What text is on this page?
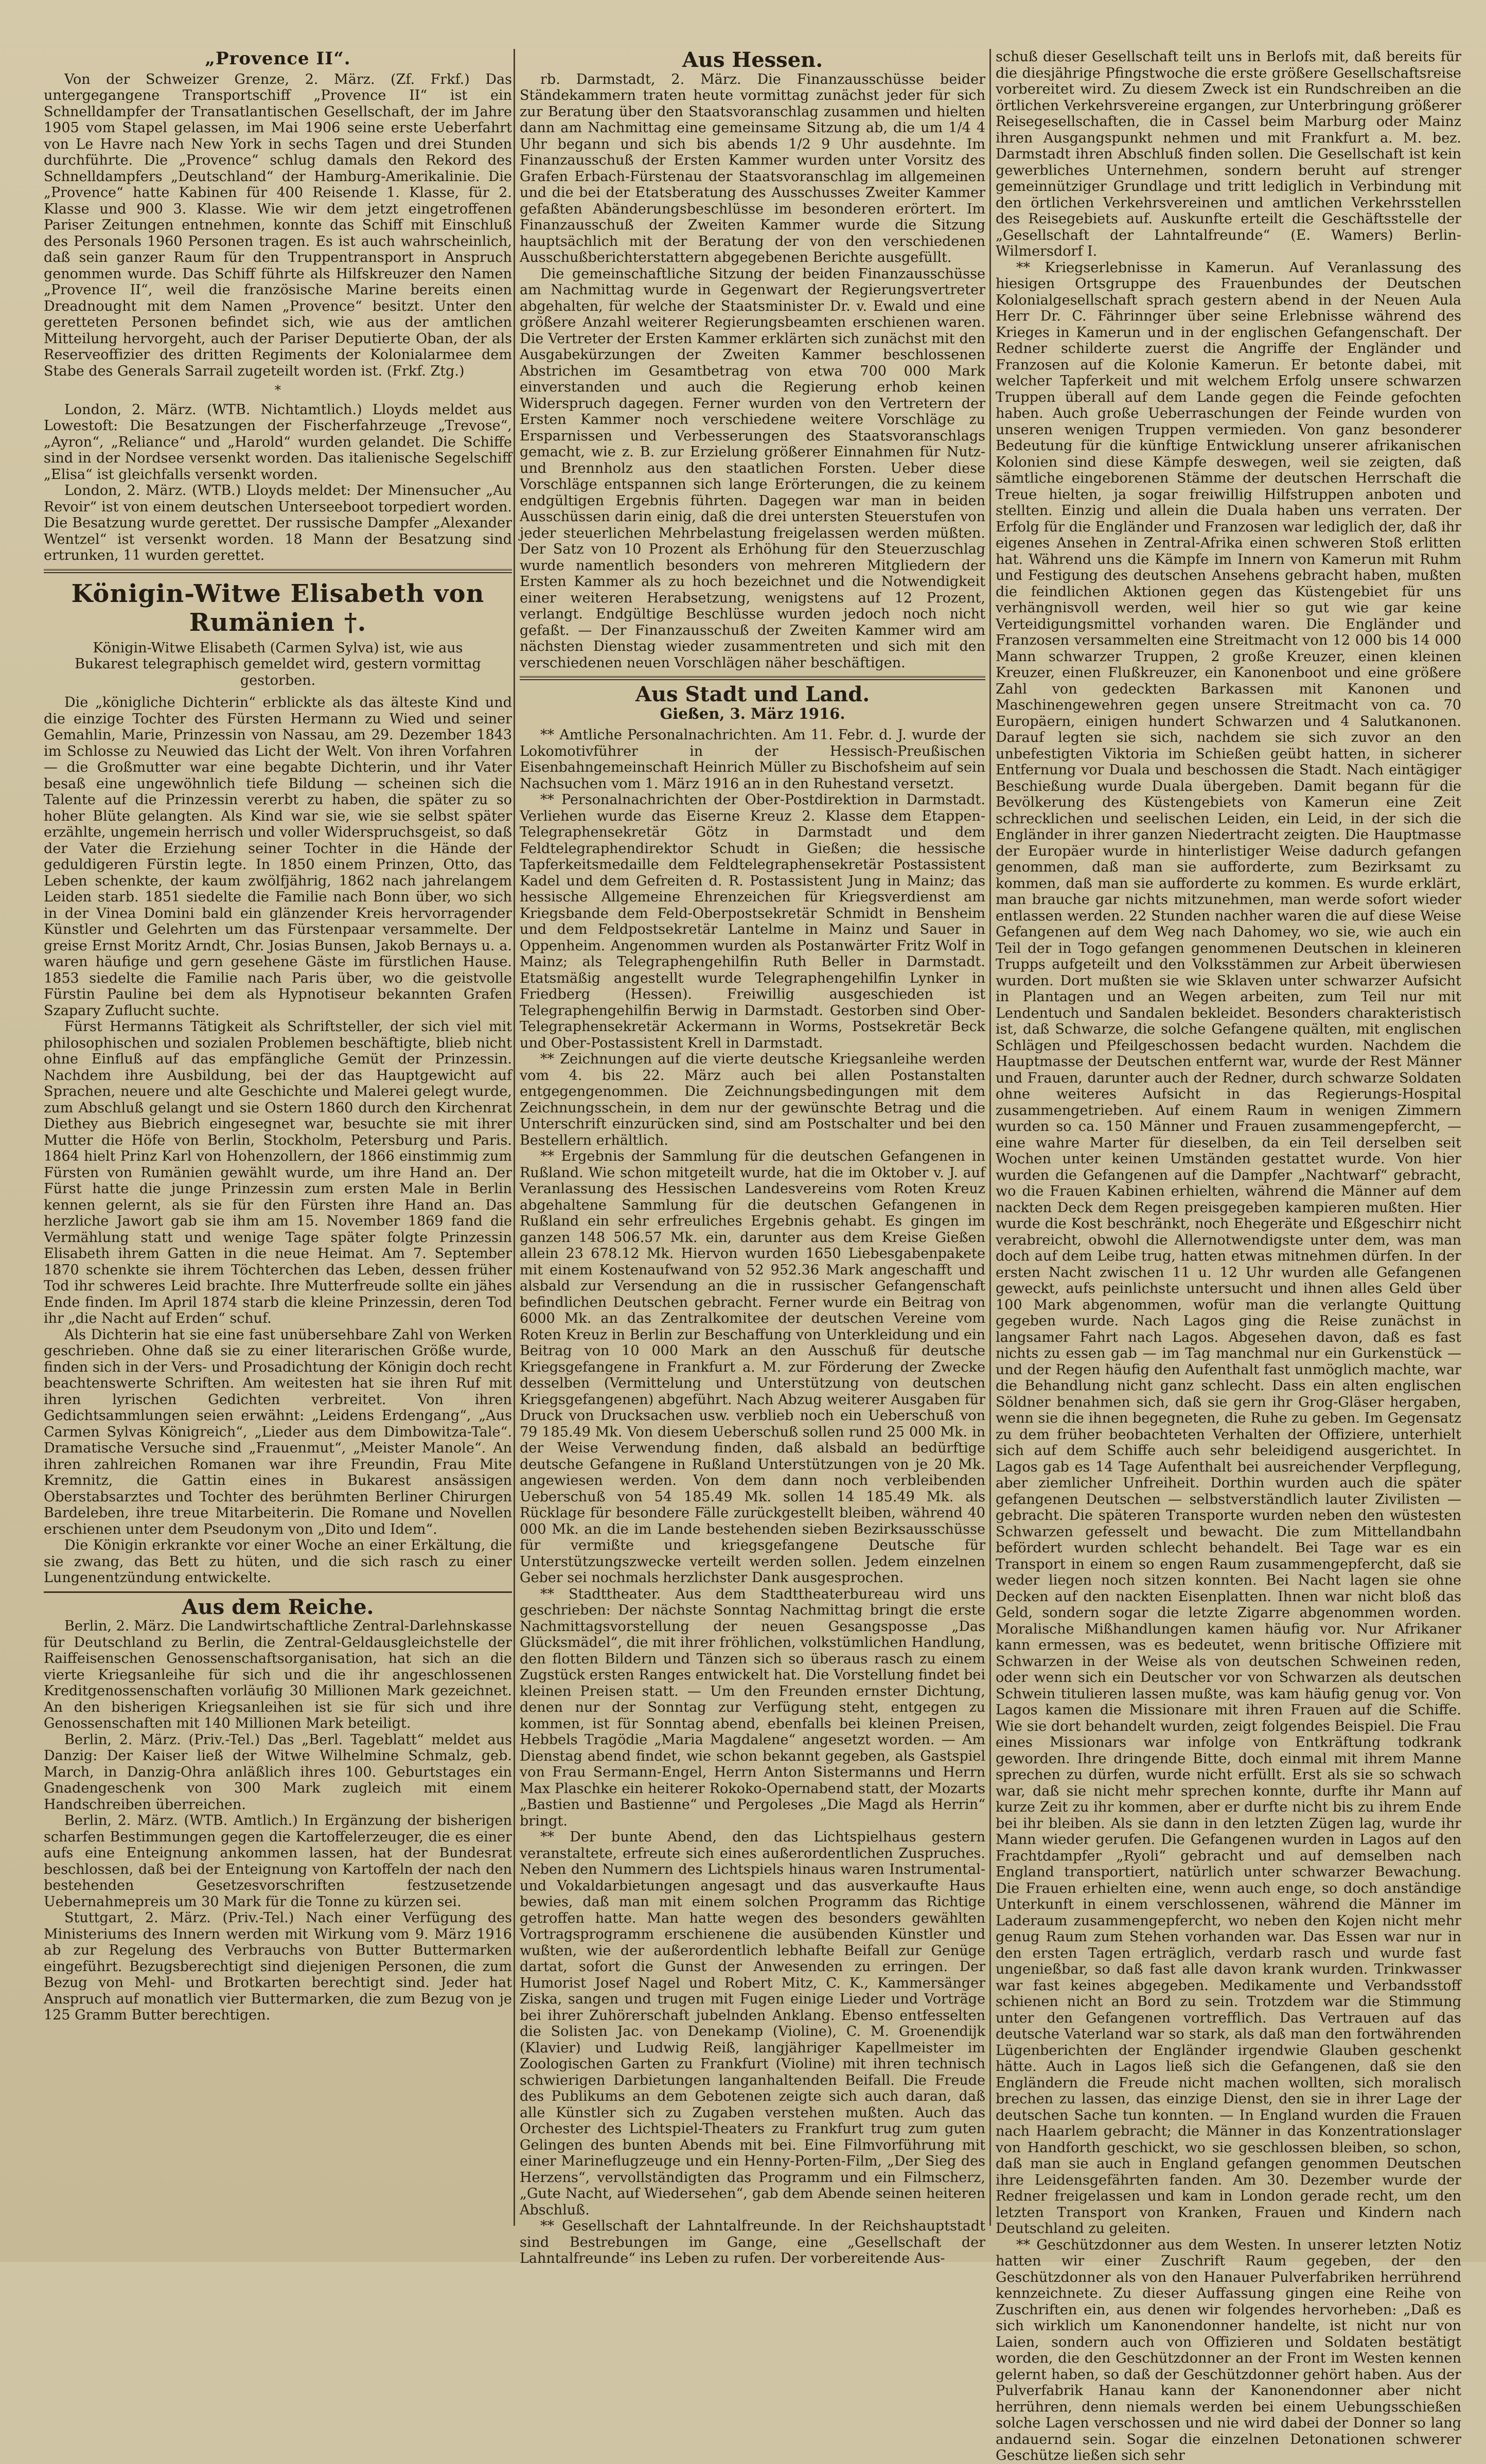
„Provence II“.

Von der Schweizer Grenze, 2. März. (Zf. Frkf.) Das untergegangene Transportschiff „Provence II“ ist ein Schnelldampfer der Transatlantischen Gesellschaft, der im Jahre 1905 vom Stapel gelassen, im Mai 1906 seine erste Ueberfahrt von Le Havre nach New York in sechs Tagen und drei Stunden durchführte. Die „Provence“ schlug damals den Rekord des Schnelldampfers „Deutschland“ der Hamburg-Amerikalinie. Die „Provence“ hatte Kabinen für 400 Reisende 1. Klasse, für 2. Klasse und 900 3. Klasse. Wie wir dem jetzt eingetroffenen Pariser Zeitungen entnehmen, konnte das Schiff mit Einschluß des Personals 1960 Personen tragen. Es ist auch wahrscheinlich, daß sein ganzer Raum für den Truppentransport in Anspruch genommen wurde. Das Schiff führte als Hilfskreuzer den Namen „Provence II“, weil die französische Marine bereits einen Dreadnought mit dem Namen „Provence“ besitzt. Unter den geretteten Personen befindet sich, wie aus der amtlichen Mitteilung hervorgeht, auch der Pariser Deputierte Oban, der als Reserveoffizier des dritten Regiments der Kolonialarmee dem Stabe des Generals Sarrail zugeteilt worden ist. (Frkf. Ztg.)

*

London, 2. März. (WTB. Nichtamtlich.) Lloyds meldet aus Lowestoft: Die Besatzungen der Fischerfahrzeuge „Trevose“, „Ayron“, „Reliance“ und „Harold“ wurden gelandet. Die Schiffe sind in der Nordsee versenkt worden. Das italienische Segelschiff „Elisa“ ist gleichfalls versenkt worden.

London, 2. März. (WTB.) Lloyds meldet: Der Minensucher „Au Revoir“ ist von einem deutschen Unterseeboot torpediert worden. Die Besatzung wurde gerettet. Der russische Dampfer „Alexander Wentzel“ ist versenkt worden. 18 Mann der Besatzung sind ertrunken, 11 wurden gerettet.

Königin-Witwe Elisabeth von Rumänien †.
Königin-Witwe Elisabeth (Carmen Sylva) ist, wie aus Bukarest telegraphisch gemeldet wird, gestern vormittag gestorben.

Die „königliche Dichterin“ erblickte als das älteste Kind und die einzige Tochter des Fürsten Hermann zu Wied und seiner Gemahlin, Marie, Prinzessin von Nassau, am 29. Dezember 1843 im Schlosse zu Neuwied das Licht der Welt. Von ihren Vorfahren — die Großmutter war eine begabte Dichterin, und ihr Vater besaß eine ungewöhnlich tiefe Bildung — scheinen sich die Talente auf die Prinzessin vererbt zu haben, die später zu so hoher Blüte gelangten. Als Kind war sie, wie sie selbst später erzählte, ungemein herrisch und voller Widerspruchsgeist, so daß der Vater die Erziehung seiner Tochter in die Hände der geduldigeren Fürstin legte. In 1850 einem Prinzen, Otto, das Leben schenkte, der kaum zwölfjährig, 1862 nach jahrelangem Leiden starb. 1851 siedelte die Familie nach Bonn über, wo sich in der Vinea Domini bald ein glänzender Kreis hervorragender Künstler und Gelehrten um das Fürstenpaar versammelte. Der greise Ernst Moritz Arndt, Chr. Josias Bunsen, Jakob Bernays u. a. waren häufige und gern gesehene Gäste im fürstlichen Hause. 1853 siedelte die Familie nach Paris über, wo die geistvolle Fürstin Pauline bei dem als Hypnotiseur bekannten Grafen Szapary Zuflucht suchte.

Fürst Hermanns Tätigkeit als Schriftsteller, der sich viel mit philosophischen und sozialen Problemen beschäftigte, blieb nicht ohne Einfluß auf das empfängliche Gemüt der Prinzessin. Nachdem ihre Ausbildung, bei der das Hauptgewicht auf Sprachen, neuere und alte Geschichte und Malerei gelegt wurde, zum Abschluß gelangt und sie Ostern 1860 durch den Kirchenrat Diethey aus Biebrich eingesegnet war, besuchte sie mit ihrer Mutter die Höfe von Berlin, Stockholm, Petersburg und Paris. 1864 hielt Prinz Karl von Hohenzollern, der 1866 einstimmig zum Fürsten von Rumänien gewählt wurde, um ihre Hand an. Der Fürst hatte die junge Prinzessin zum ersten Male in Berlin kennen gelernt, als sie für den Fürsten ihre Hand an. Das herzliche Jawort gab sie ihm am 15. November 1869 fand die Vermählung statt und wenige Tage später folgte Prinzessin Elisabeth ihrem Gatten in die neue Heimat. Am 7. September 1870 schenkte sie ihrem Töchterchen das Leben, dessen früher Tod ihr schweres Leid brachte. Ihre Mutterfreude sollte ein jähes Ende finden. Im April 1874 starb die kleine Prinzessin, deren Tod ihr „die Nacht auf Erden“ schuf.

Als Dichterin hat sie eine fast unübersehbare Zahl von Werken geschrieben. Ohne daß sie zu einer literarischen Größe wurde, finden sich in der Vers- und Prosadichtung der Königin doch recht beachtenswerte Schriften. Am weitesten hat sie ihren Ruf mit ihren lyrischen Gedichten verbreitet. Von ihren Gedichtsammlungen seien erwähnt: „Leidens Erdengang“, „Aus Carmen Sylvas Königreich“, „Lieder aus dem Dimbowitza-Tale“. Dramatische Versuche sind „Frauenmut“, „Meister Manole“. An ihren zahlreichen Romanen war ihre Freundin, Frau Mite Kremnitz, die Gattin eines in Bukarest ansässigen Oberstabsarztes und Tochter des berühmten Berliner Chirurgen Bardeleben, ihre treue Mitarbeiterin. Die Romane und Novellen erschienen unter dem Pseudonym von „Dito und Idem“.

Die Königin erkrankte vor einer Woche an einer Erkältung, die sie zwang, das Bett zu hüten, und die sich rasch zu einer Lungenentzündung entwickelte.

Aus dem Reiche.

Berlin, 2. März. Die Landwirtschaftliche Zentral-Darlehnskasse für Deutschland zu Berlin, die Zentral-Geldausgleichstelle der Raiffeisenschen Genossenschaftsorganisation, hat sich an die vierte Kriegsanleihe für sich und die ihr angeschlossenen Kreditgenossenschaften vorläufig 30 Millionen Mark gezeichnet. An den bisherigen Kriegsanleihen ist sie für sich und ihre Genossenschaften mit 140 Millionen Mark beteiligt.

Berlin, 2. März. (Priv.-Tel.) Das „Berl. Tageblatt“ meldet aus Danzig: Der Kaiser ließ der Witwe Wilhelmine Schmalz, geb. March, in Danzig-Ohra anläßlich ihres 100. Geburtstages ein Gnadengeschenk von 300 Mark zugleich mit einem Handschreiben überreichen.

Berlin, 2. März. (WTB. Amtlich.) In Ergänzung der bisherigen scharfen Bestimmungen gegen die Kartoffelerzeuger, die es einer aufs eine Enteignung ankommen lassen, hat der Bundesrat beschlossen, daß bei der Enteignung von Kartoffeln der nach den bestehenden Gesetzesvorschriften festzusetzende Uebernahmepreis um 30 Mark für die Tonne zu kürzen sei.

Stuttgart, 2. März. (Priv.-Tel.) Nach einer Verfügung des Ministeriums des Innern werden mit Wirkung vom 9. März 1916 ab zur Regelung des Verbrauchs von Butter Buttermarken eingeführt. Bezugsberechtigt sind diejenigen Personen, die zum Bezug von Mehl- und Brotkarten berechtigt sind. Jeder hat Anspruch auf monatlich vier Buttermarken, die zum Bezug von je 125 Gramm Butter berechtigen.

Aus Hessen.

rb. Darmstadt, 2. März. Die Finanzausschüsse beider Ständekammern traten heute vormittag zunächst jeder für sich zur Beratung über den Staatsvoranschlag zusammen und hielten dann am Nachmittag eine gemeinsame Sitzung ab, die um 1/4 4 Uhr begann und sich bis abends 1/2 9 Uhr ausdehnte. Im Finanzausschuß der Ersten Kammer wurden unter Vorsitz des Grafen Erbach-Fürstenau der Staatsvoranschlag im allgemeinen und die bei der Etatsberatung des Ausschusses Zweiter Kammer gefaßten Abänderungsbeschlüsse im besonderen erörtert. Im Finanzausschuß der Zweiten Kammer wurde die Sitzung hauptsächlich mit der Beratung der von den verschiedenen Ausschußberichterstattern abgegebenen Berichte ausgefüllt.

Die gemeinschaftliche Sitzung der beiden Finanzausschüsse am Nachmittag wurde in Gegenwart der Regierungsvertreter abgehalten, für welche der Staatsminister Dr. v. Ewald und eine größere Anzahl weiterer Regierungsbeamten erschienen waren. Die Vertreter der Ersten Kammer erklärten sich zunächst mit den Ausgabekürzungen der Zweiten Kammer beschlossenen Abstrichen im Gesamtbetrag von etwa 700 000 Mark einverstanden und auch die Regierung erhob keinen Widerspruch dagegen. Ferner wurden von den Vertretern der Ersten Kammer noch verschiedene weitere Vorschläge zu Ersparnissen und Verbesserungen des Staatsvoranschlags gemacht, wie z. B. zur Erzielung größerer Einnahmen für Nutz- und Brennholz aus den staatlichen Forsten. Ueber diese Vorschläge entspannen sich lange Erörterungen, die zu keinem endgültigen Ergebnis führten. Dagegen war man in beiden Ausschüssen darin einig, daß die drei untersten Steuerstufen von jeder steuerlichen Mehrbelastung freigelassen werden müßten. Der Satz von 10 Prozent als Erhöhung für den Steuerzuschlag wurde namentlich besonders von mehreren Mitgliedern der Ersten Kammer als zu hoch bezeichnet und die Notwendigkeit einer weiteren Herabsetzung, wenigstens auf 12 Prozent, verlangt. Endgültige Beschlüsse wurden jedoch noch nicht gefaßt. — Der Finanzausschuß der Zweiten Kammer wird am nächsten Dienstag wieder zusammentreten und sich mit den verschiedenen neuen Vorschlägen näher beschäftigen.

Aus Stadt und Land.
Gießen, 3. März 1916.

** Amtliche Personalnachrichten. Am 11. Febr. d. J. wurde der Lokomotivführer in der Hessisch-Preußischen Eisenbahngemeinschaft Heinrich Müller zu Bischofsheim auf sein Nachsuchen vom 1. März 1916 an in den Ruhestand versetzt.

** Personalnachrichten der Ober-Postdirektion in Darmstadt. Verliehen wurde das Eiserne Kreuz 2. Klasse dem Etappen-Telegraphensekretär Götz in Darmstadt und dem Feldtelegraphendirektor Schudt in Gießen; die hessische Tapferkeitsmedaille dem Feldtelegraphensekretär Postassistent Kadel und dem Gefreiten d. R. Postassistent Jung in Mainz; das hessische Allgemeine Ehrenzeichen für Kriegsverdienst am Kriegsbande dem Feld-Oberpostsekretär Schmidt in Bensheim und dem Feldpostsekretär Lantelme in Mainz und Sauer in Oppenheim. Angenommen wurden als Postanwärter Fritz Wolf in Mainz; als Telegraphengehilfin Ruth Beller in Darmstadt. Etatsmäßig angestellt wurde Telegraphengehilfin Lynker in Friedberg (Hessen). Freiwillig ausgeschieden ist Telegraphengehilfin Berwig in Darmstadt. Gestorben sind Ober-Telegraphensekretär Ackermann in Worms, Postsekretär Beck und Ober-Postassistent Krell in Darmstadt.

** Zeichnungen auf die vierte deutsche Kriegsanleihe werden vom 4. bis 22. März auch bei allen Postanstalten entgegengenommen. Die Zeichnungsbedingungen mit dem Zeichnungsschein, in dem nur der gewünschte Betrag und die Unterschrift einzurücken sind, sind am Postschalter und bei den Bestellern erhältlich.

** Ergebnis der Sammlung für die deutschen Gefangenen in Rußland. Wie schon mitgeteilt wurde, hat die im Oktober v. J. auf Veranlassung des Hessischen Landesvereins vom Roten Kreuz abgehaltene Sammlung für die deutschen Gefangenen in Rußland ein sehr erfreuliches Ergebnis gehabt. Es gingen im ganzen 148 506.57 Mk. ein, darunter aus dem Kreise Gießen allein 23 678.12 Mk. Hiervon wurden 1650 Liebesgabenpakete mit einem Kostenaufwand von 52 952.36 Mark angeschafft und alsbald zur Versendung an die in russischer Gefangenschaft befindlichen Deutschen gebracht. Ferner wurde ein Beitrag von 6000 Mk. an das Zentralkomitee der deutschen Vereine vom Roten Kreuz in Berlin zur Beschaffung von Unterkleidung und ein Beitrag von 10 000 Mark an den Ausschuß für deutsche Kriegsgefangene in Frankfurt a. M. zur Förderung der Zwecke desselben (Vermittelung und Unterstützung von deutschen Kriegsgefangenen) abgeführt. Nach Abzug weiterer Ausgaben für Druck von Drucksachen usw. verblieb noch ein Ueberschuß von 79 185.49 Mk. Von diesem Ueberschuß sollen rund 25 000 Mk. in der Weise Verwendung finden, daß alsbald an bedürftige deutsche Gefangene in Rußland Unterstützungen von je 20 Mk. angewiesen werden. Von dem dann noch verbleibenden Ueberschuß von 54 185.49 Mk. sollen 14 185.49 Mk. als Rücklage für besondere Fälle zurückgestellt bleiben, während 40 000 Mk. an die im Lande bestehenden sieben Bezirksausschüsse für vermißte und kriegsgefangene Deutsche für Unterstützungszwecke verteilt werden sollen. Jedem einzelnen Geber sei nochmals herzlichster Dank ausgesprochen.

** Stadttheater. Aus dem Stadttheaterbureau wird uns geschrieben: Der nächste Sonntag Nachmittag bringt die erste Nachmittagsvorstellung der neuen Gesangsposse „Das Glücksmädel“, die mit ihrer fröhlichen, volkstümlichen Handlung, den flotten Bildern und Tänzen sich so überaus rasch zu einem Zugstück ersten Ranges entwickelt hat. Die Vorstellung findet bei kleinen Preisen statt. — Um den Freunden ernster Dichtung, denen nur der Sonntag zur Verfügung steht, entgegen zu kommen, ist für Sonntag abend, ebenfalls bei kleinen Preisen, Hebbels Tragödie „Maria Magdalene“ angesetzt worden. — Am Dienstag abend findet, wie schon bekannt gegeben, als Gastspiel von Frau Sermann-Engel, Herrn Anton Sistermanns und Herrn Max Plaschke ein heiterer Rokoko-Opernabend statt, der Mozarts „Bastien und Bastienne“ und Pergoleses „Die Magd als Herrin“ bringt.

** Der bunte Abend, den das Lichtspielhaus gestern veranstaltete, erfreute sich eines außerordentlichen Zuspruches. Neben den Nummern des Lichtspiels hinaus waren Instrumental- und Vokaldarbietungen angesagt und das ausverkaufte Haus bewies, daß man mit einem solchen Programm das Richtige getroffen hatte. Man hatte wegen des besonders gewählten Vortragsprogramm erschienene die ausübenden Künstler und wußten, wie der außerordentlich lebhafte Beifall zur Genüge dartat, sofort die Gunst der Anwesenden zu erringen. Der Humorist Josef Nagel und Robert Mitz, C. K., Kammersänger Ziska, sangen und trugen mit Fugen einige Lieder und Vorträge bei ihrer Zuhörerschaft jubelnden Anklang. Ebenso entfesselten die Solisten Jac. von Denekamp (Violine), C. M. Groenendijk (Klavier) und Ludwig Reiß, langjähriger Kapellmeister im Zoologischen Garten zu Frankfurt (Violine) mit ihren technisch schwierigen Darbietungen langanhaltenden Beifall. Die Freude des Publikums an dem Gebotenen zeigte sich auch daran, daß alle Künstler sich zu Zugaben verstehen mußten. Auch das Orchester des Lichtspiel-Theaters zu Frankfurt trug zum guten Gelingen des bunten Abends mit bei. Eine Filmvorführung mit einer Marineflugzeuge und ein Henny-Porten-Film, „Der Sieg des Herzens“, vervollständigten das Programm und ein Filmscherz, „Gute Nacht, auf Wiedersehen“, gab dem Abende seinen heiteren Abschluß.

** Gesellschaft der Lahntalfreunde. In der Reichshauptstadt sind Bestrebungen im Gange, eine „Gesellschaft der Lahntalfreunde“ ins Leben zu rufen. Der vorbereitende Aus-

schuß dieser Gesellschaft teilt uns in Berlofs mit, daß bereits für die diesjährige Pfingstwoche die erste größere Gesellschaftsreise vorbereitet wird. Zu diesem Zweck ist ein Rundschreiben an die örtlichen Verkehrsvereine ergangen, zur Unterbringung größerer Reisegesellschaften, die in Cassel beim Marburg oder Mainz ihren Ausgangspunkt nehmen und mit Frankfurt a. M. bez. Darmstadt ihren Abschluß finden sollen. Die Gesellschaft ist kein gewerbliches Unternehmen, sondern beruht auf strenger gemeinnütziger Grundlage und tritt lediglich in Verbindung mit den örtlichen Verkehrsvereinen und amtlichen Verkehrsstellen des Reisegebiets auf. Auskunfte erteilt die Geschäftsstelle der „Gesellschaft der Lahntalfreunde“ (E. Wamers) Berlin-Wilmersdorf I.

** Kriegserlebnisse in Kamerun. Auf Veranlassung des hiesigen Ortsgruppe des Frauenbundes der Deutschen Kolonialgesellschaft sprach gestern abend in der Neuen Aula Herr Dr. C. Fährinnger über seine Erlebnisse während des Krieges in Kamerun und in der englischen Gefangenschaft. Der Redner schilderte zuerst die Angriffe der Engländer und Franzosen auf die Kolonie Kamerun. Er betonte dabei, mit welcher Tapferkeit und mit welchem Erfolg unsere schwarzen Truppen überall auf dem Lande gegen die Feinde gefochten haben. Auch große Ueberraschungen der Feinde wurden von unseren wenigen Truppen vermieden. Von ganz besonderer Bedeutung für die künftige Entwicklung unserer afrikanischen Kolonien sind diese Kämpfe deswegen, weil sie zeigten, daß sämtliche eingeborenen Stämme der deutschen Herrschaft die Treue hielten, ja sogar freiwillig Hilfstruppen anboten und stellten. Einzig und allein die Duala haben uns verraten. Der Erfolg für die Engländer und Franzosen war lediglich der, daß ihr eigenes Ansehen in Zentral-Afrika einen schweren Stoß erlitten hat. Während uns die Kämpfe im Innern von Kamerun mit Ruhm und Festigung des deutschen Ansehens gebracht haben, mußten die feindlichen Aktionen gegen das Küstengebiet für uns verhängnisvoll werden, weil hier so gut wie gar keine Verteidigungsmittel vorhanden waren. Die Engländer und Franzosen versammelten eine Streitmacht von 12 000 bis 14 000 Mann schwarzer Truppen, 2 große Kreuzer, einen kleinen Kreuzer, einen Flußkreuzer, ein Kanonenboot und eine größere Zahl von gedeckten Barkassen mit Kanonen und Maschinengewehren gegen unsere Streitmacht von ca. 70 Europäern, einigen hundert Schwarzen und 4 Salutkanonen. Darauf legten sie sich, nachdem sie sich zuvor an den unbefestigten Viktoria im Schießen geübt hatten, in sicherer Entfernung vor Duala und beschossen die Stadt. Nach eintägiger Beschießung wurde Duala übergeben. Damit begann für die Bevölkerung des Küstengebiets von Kamerun eine Zeit schrecklichen und seelischen Leiden, ein Leid, in der sich die Engländer in ihrer ganzen Niedertracht zeigten. Die Hauptmasse der Europäer wurde in hinterlistiger Weise dadurch gefangen genommen, daß man sie aufforderte, zum Bezirksamt zu kommen, daß man sie aufforderte zu kommen. Es wurde erklärt, man brauche gar nichts mitzunehmen, man werde sofort wieder entlassen werden. 22 Stunden nachher waren die auf diese Weise Gefangenen auf dem Weg nach Dahomey, wo sie, wie auch ein Teil der in Togo gefangen genommenen Deutschen in kleineren Trupps aufgeteilt und den Volksstämmen zur Arbeit überwiesen wurden. Dort mußten sie wie Sklaven unter schwarzer Aufsicht in Plantagen und an Wegen arbeiten, zum Teil nur mit Lendentuch und Sandalen bekleidet. Besonders charakteristisch ist, daß Schwarze, die solche Gefangene quälten, mit englischen Schlägen und Pfeilgeschossen bedacht wurden. Nachdem die Hauptmasse der Deutschen entfernt war, wurde der Rest Männer und Frauen, darunter auch der Redner, durch schwarze Soldaten ohne weiteres Aufsicht in das Regierungs-Hospital zusammengetrieben. Auf einem Raum in wenigen Zimmern wurden so ca. 150 Männer und Frauen zusammengepfercht, — eine wahre Marter für dieselben, da ein Teil derselben seit Wochen unter keinen Umständen gestattet wurde. Von hier wurden die Gefangenen auf die Dampfer „Nachtwarf“ gebracht, wo die Frauen Kabinen erhielten, während die Männer auf dem nackten Deck dem Regen preisgegeben kampieren mußten. Hier wurde die Kost beschränkt, noch Ehegeräte und Eßgeschirr nicht verabreicht, obwohl die Allernotwendigste unter dem, was man doch auf dem Leibe trug, hatten etwas mitnehmen dürfen. In der ersten Nacht zwischen 11 u. 12 Uhr wurden alle Gefangenen geweckt, aufs peinlichste untersucht und ihnen alles Geld über 100 Mark abgenommen, wofür man die verlangte Quittung gegeben wurde. Nach Lagos ging die Reise zunächst in langsamer Fahrt nach Lagos. Abgesehen davon, daß es fast nichts zu essen gab — im Tag manchmal nur ein Gurkenstück — und der Regen häufig den Aufenthalt fast unmöglich machte, war die Behandlung nicht ganz schlecht. Dass ein alten englischen Söldner benahmen sich, daß sie gern ihr Grog-Gläser hergaben, wenn sie die ihnen begegneten, die Ruhe zu geben. Im Gegensatz zu dem früher beobachteten Verhalten der Offiziere, unterhielt sich auf dem Schiffe auch sehr beleidigend ausgerichtet. In Lagos gab es 14 Tage Aufenthalt bei ausreichender Verpflegung, aber ziemlicher Unfreiheit. Dorthin wurden auch die später gefangenen Deutschen — selbstverständlich lauter Zivilisten — gebracht. Die späteren Transporte wurden neben den wüstesten Schwarzen gefesselt und bewacht. Die zum Mittellandbahn befördert wurden schlecht behandelt. Bei Tage war es ein Transport in einem so engen Raum zusammengepfercht, daß sie weder liegen noch sitzen konnten. Bei Nacht lagen sie ohne Decken auf den nackten Eisenplatten. Ihnen war nicht bloß das Geld, sondern sogar die letzte Zigarre abgenommen worden. Moralische Mißhandlungen kamen häufig vor. Nur Afrikaner kann ermessen, was es bedeutet, wenn britische Offiziere mit Schwarzen in der Weise als von deutschen Schweinen reden, oder wenn sich ein Deutscher vor von Schwarzen als deutschen Schwein titulieren lassen mußte, was kam häufig genug vor. Von Lagos kamen die Missionare mit ihren Frauen auf die Schiffe. Wie sie dort behandelt wurden, zeigt folgendes Beispiel. Die Frau eines Missionars war infolge von Entkräftung todkrank geworden. Ihre dringende Bitte, doch einmal mit ihrem Manne sprechen zu dürfen, wurde nicht erfüllt. Erst als sie so schwach war, daß sie nicht mehr sprechen konnte, durfte ihr Mann auf kurze Zeit zu ihr kommen, aber er durfte nicht bis zu ihrem Ende bei ihr bleiben. Als sie dann in den letzten Zügen lag, wurde ihr Mann wieder gerufen. Die Gefangenen wurden in Lagos auf den Frachtdampfer „Ryoli“ gebracht und auf demselben nach England transportiert, natürlich unter schwarzer Bewachung. Die Frauen erhielten eine, wenn auch enge, so doch anständige Unterkunft in einem verschlossenen, während die Männer im Laderaum zusammengepfercht, wo neben den Kojen nicht mehr genug Raum zum Stehen vorhanden war. Das Essen war nur in den ersten Tagen erträglich, verdarb rasch und wurde fast ungenießbar, so daß fast alle davon krank wurden. Trinkwasser war fast keines abgegeben. Medikamente und Verbandsstoff schienen nicht an Bord zu sein. Trotzdem war die Stimmung unter den Gefangenen vortrefflich. Das Vertrauen auf das deutsche Vaterland war so stark, als daß man den fortwährenden Lügenberichten der Engländer irgendwie Glauben geschenkt hätte. Auch in Lagos ließ sich die Gefangenen, daß sie den Engländern die Freude nicht machen wollten, sich moralisch brechen zu lassen, das einzige Dienst, den sie in ihrer Lage der deutschen Sache tun konnten. — In England wurden die Frauen nach Haarlem gebracht; die Männer in das Konzentrationslager von Handforth geschickt, wo sie geschlossen bleiben, so schon, daß man sie auch in England gefangen genommen Deutschen ihre Leidensgefährten fanden. Am 30. Dezember wurde der Redner freigelassen und kam in London gerade recht, um den letzten Transport von Kranken, Frauen und Kindern nach Deutschland zu geleiten.

** Geschützdonner aus dem Westen. In unserer letzten Notiz hatten wir einer Zuschrift Raum gegeben, der den Geschützdonner als von den Hanauer Pulverfabriken herrührend kennzeichnete. Zu dieser Auffassung gingen eine Reihe von Zuschriften ein, aus denen wir folgendes hervorheben: „Daß es sich wirklich um Kanonendonner handelte, ist nicht nur von Laien, sondern auch von Offizieren und Soldaten bestätigt worden, die den Geschützdonner an der Front im Westen kennen gelernt haben, so daß der Geschützdonner gehört haben. Aus der Pulverfabrik Hanau kann der Kanonendonner aber nicht herrühren, denn niemals werden bei einem Uebungsschießen solche Lagen verschossen und nie wird dabei der Donner so lang andauernd sein. Sogar die einzelnen Detonationen schwerer Geschütze ließen sich sehr
